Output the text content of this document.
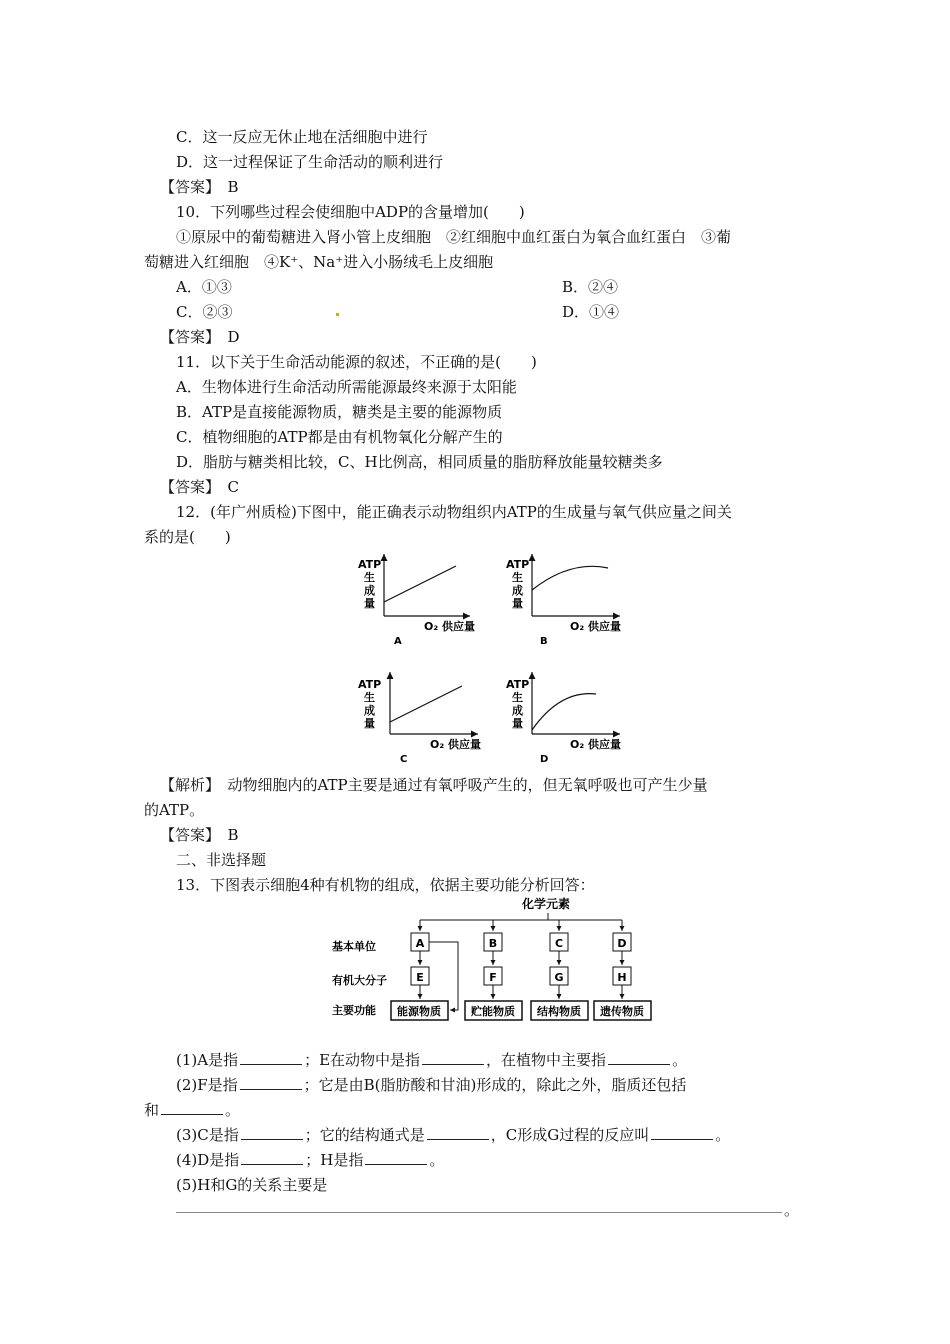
C．这一反应无休止地在活细胞中进行
D．这一过程保证了生命活动的顺利进行
【答案】　B
10．下列哪些过程会使细胞中ADP的含量增加(　　)
①原尿中的葡萄糖进入肾小管上皮细胞　②红细胞中血红蛋白为氧合血红蛋白　③葡
萄糖进入红细胞　④K⁺、Na⁺进入小肠绒毛上皮细胞
A．①③	B．②④
C．②③	D．①④
【答案】　D
11．以下关于生命活动能源的叙述，不正确的是(　　)
A．生物体进行生命活动所需能源最终来源于太阳能
B．ATP是直接能源物质，糖类是主要的能源物质
C．植物细胞的ATP都是由有机物氧化分解产生的
D．脂肪与糖类相比较，C、H比例高，相同质量的脂肪释放能量较糖类多
【答案】　C
12．(年广州质检)下图中，能正确表示动物组织内ATP的生成量与氧气供应量之间关
系的是(　　)
ATP
生
成
量
O₂ 供应量
A
ATP
生
成
量
O₂ 供应量
B
ATP
生
成
量
O₂ 供应量
C
ATP
生
成
量
O₂ 供应量
D
【解析】　动物细胞内的ATP主要是通过有氧呼吸产生的，但无氧呼吸也可产生少量
的ATP。
【答案】　B
二、非选择题
13．下图表示细胞4种有机物的组成，依据主要功能分析回答：
化学元素
基本单位
有机大分子
主要功能
A	B	C	D
E	F	G	H
能源物质	贮能物质 结构物质 遗传物质
(1)A是指	；E在动物中是指	，在植物中主要指	。
(2)F是指	；它是由B(脂肪酸和甘油)形成的，除此之外，脂质还包括
和	。
(3)C是指	；它的结构通式是	，C形成G过程的反应叫	。
(4)D是指	；H是指	。
(5)H和G的关系主要是
。
